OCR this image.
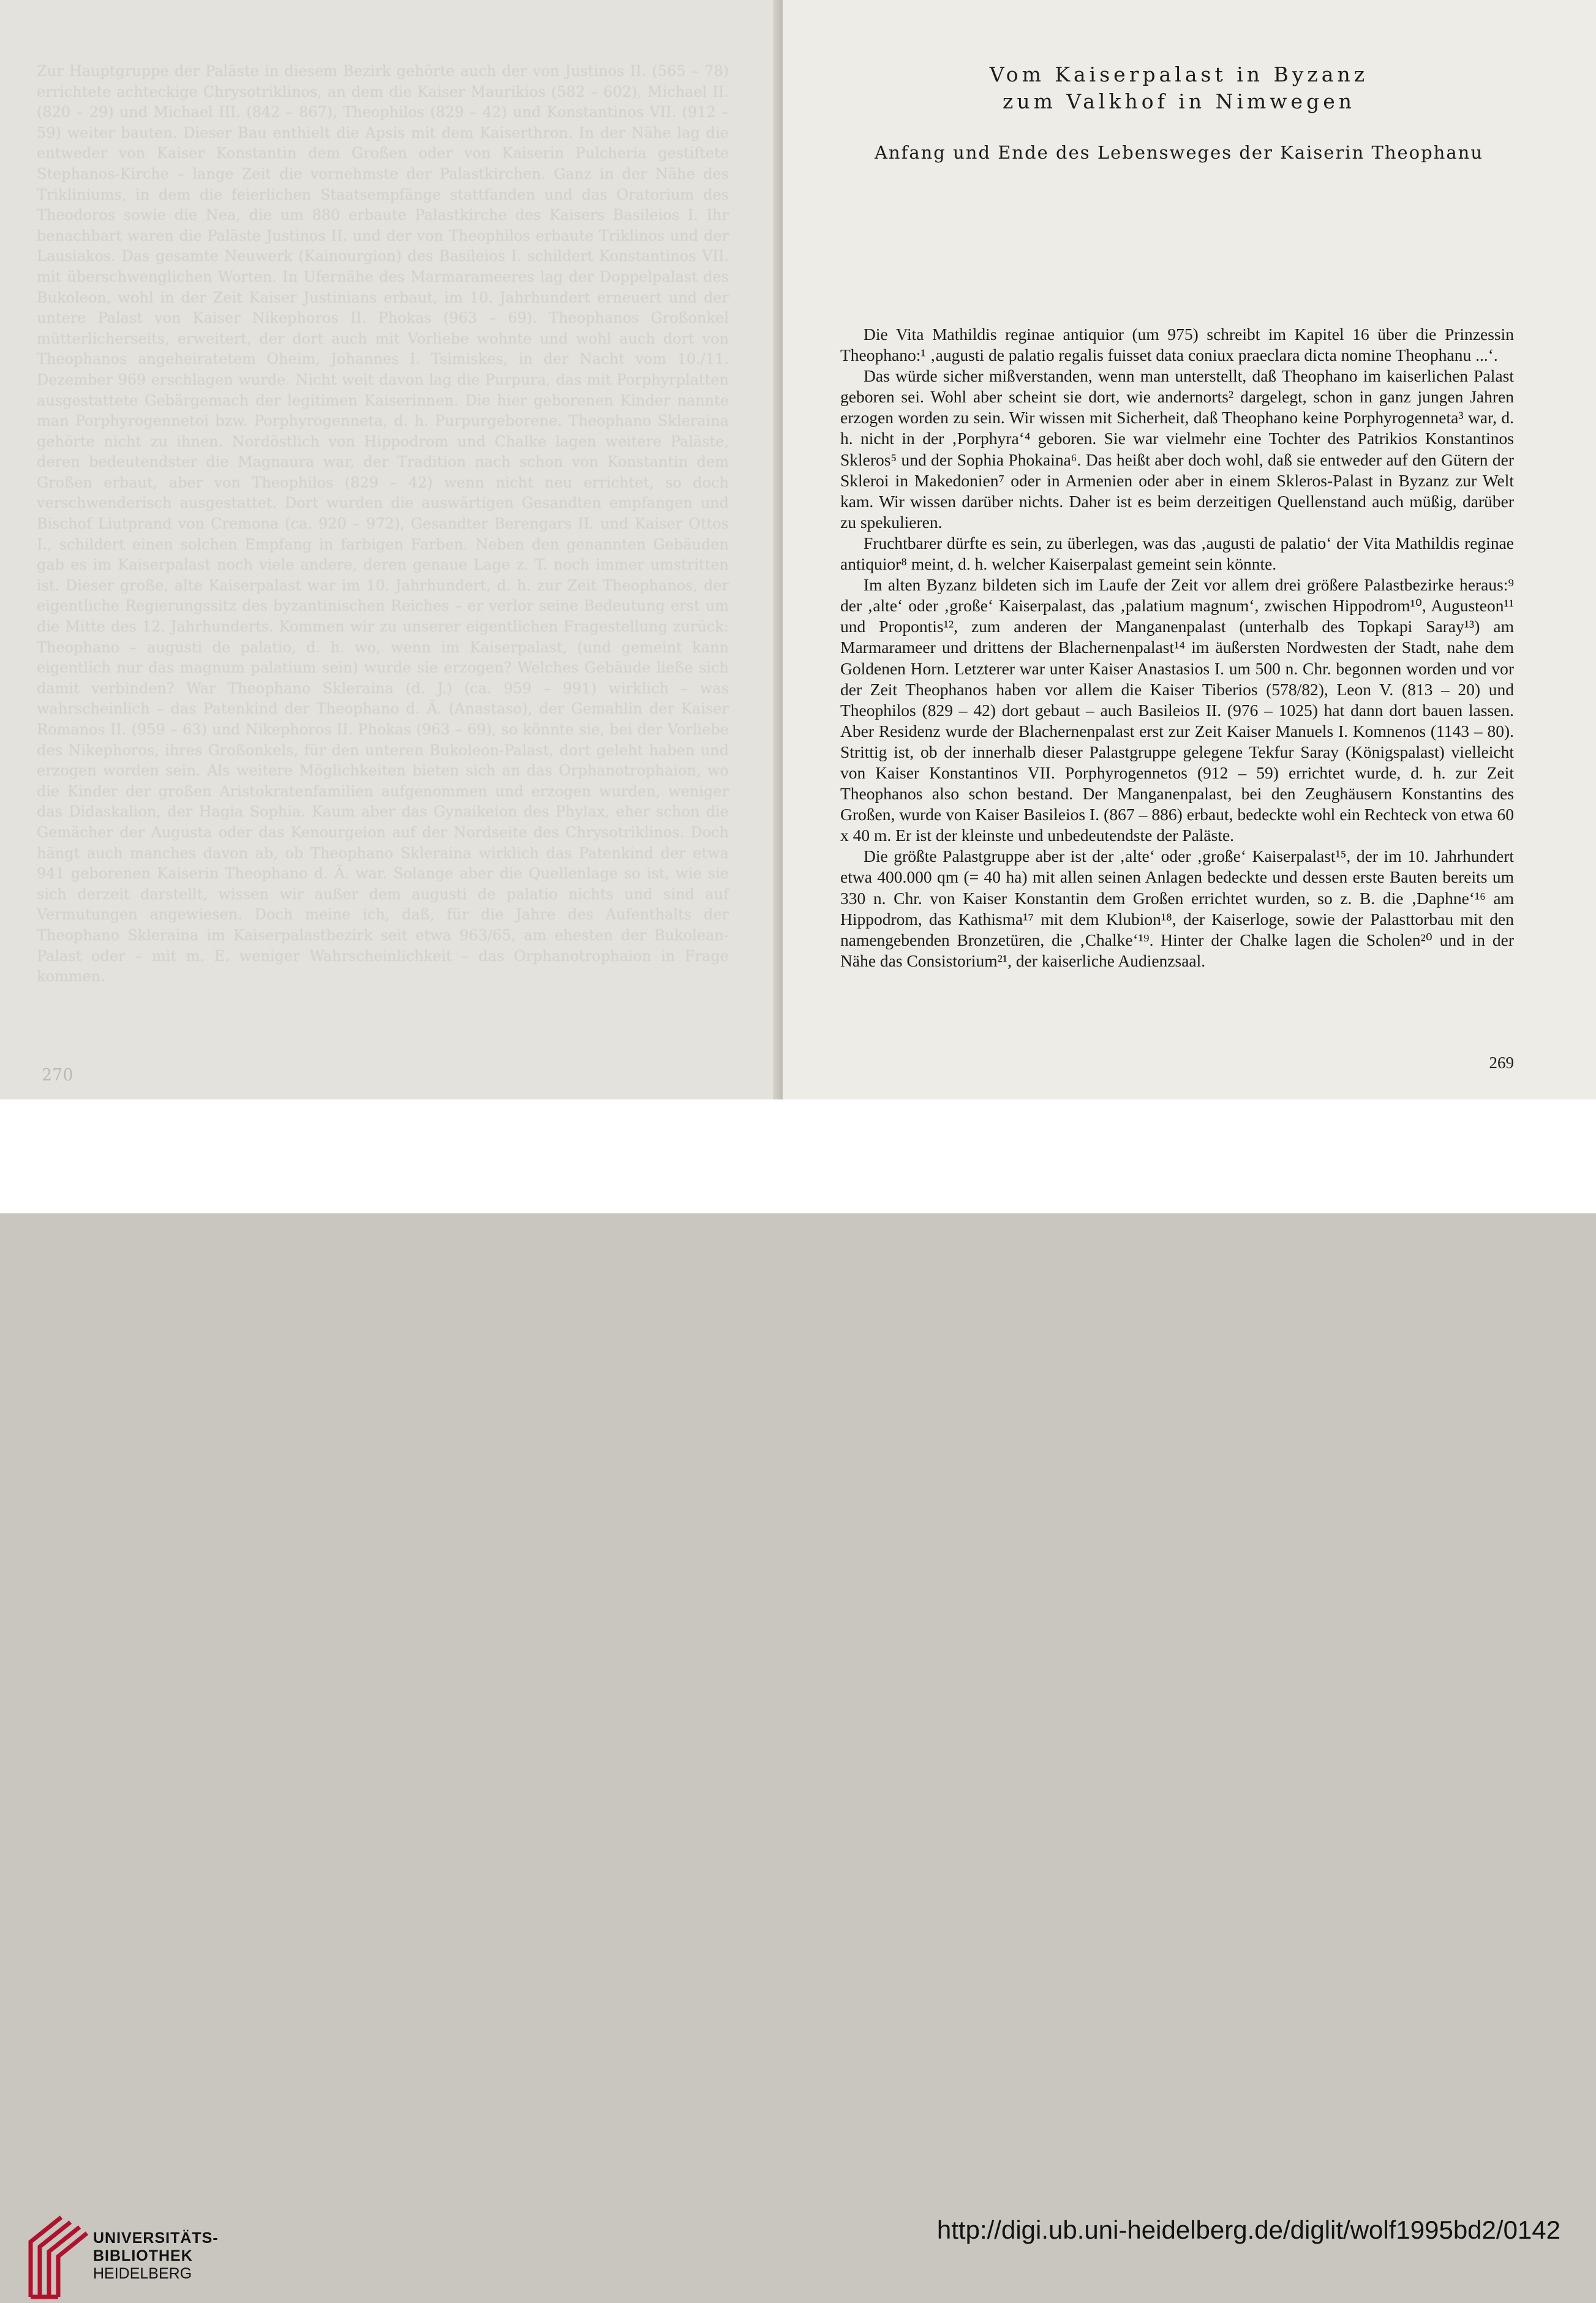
Zur Hauptgruppe der Paläste in diesem Bezirk gehörte auch der von Justinos II. (565 – 78) errichtete achteckige Chrysotriklinos, an dem die Kaiser Maurikios (582 – 602), Michael II. (820 – 29) und Michael III. (842 – 867), Theophilos (829 – 42) und Konstantinos VII. (912 – 59) weiter bauten. Dieser Bau enthielt die Apsis mit dem Kaiserthron. In der Nähe lag die entweder von Kaiser Konstantin dem Großen oder von Kaiserin Pulcheria gestiftete Stephanos-Kirche – lange Zeit die vornehmste der Palastkirchen. Ganz in der Nähe des Trikliniums, in dem die feierlichen Staatsempfänge stattfanden und das Oratorium des Theodoros sowie die Nea, die um 880 erbaute Palastkirche des Kaisers Basileios I. Ihr benachbart waren die Paläste Justinos II. und der von Theophilos erbaute Triklinos und der Lausiakos. Das gesamte Neuwerk (Kainourgion) des Basileios I. schildert Konstantinos VII. mit überschwenglichen Worten. In Ufernähe des Marmarameeres lag der Doppelpalast des Bukoleon, wohl in der Zeit Kaiser Justinians erbaut, im 10. Jahrhundert erneuert und der untere Palast von Kaiser Nikephoros II. Phokas (963 – 69). Theophanos Großonkel mütterlicherseits, erweitert, der dort auch mit Vorliebe wohnte und wohl auch dort von Theophanos angeheiratetem Oheim, Johannes I. Tsimiskes, in der Nacht vom 10./11. Dezember 969 erschlagen wurde. Nicht weit davon lag die Purpura, das mit Porphyrplatten ausgestattete Gebärgemach der legitimen Kaiserinnen. Die hier geborenen Kinder nannte man Porphyrogennetoi bzw. Porphyrogenneta, d. h. Purpurgeborene. Theophano Skleraina gehörte nicht zu ihnen. Nordöstlich von Hippodrom und Chalke lagen weitere Paläste, deren bedeutendster die Magnaura war, der Tradition nach schon von Konstantin dem Großen erbaut, aber von Theophilos (829 – 42) wenn nicht neu errichtet, so doch verschwenderisch ausgestattet. Dort wurden die auswärtigen Gesandten empfangen und Bischof Liutprand von Cremona (ca. 920 – 972), Gesandter Berengars II. und Kaiser Ottos I., schildert einen solchen Empfang in farbigen Farben. Neben den genannten Gebäuden gab es im Kaiserpalast noch viele andere, deren genaue Lage z. T. noch immer umstritten ist. Dieser große, alte Kaiserpalast war im 10. Jahrhundert, d. h. zur Zeit Theophanos, der eigentliche Regierungssitz des byzantinischen Reiches – er verlor seine Bedeutung erst um die Mitte des 12. Jahrhunderts. Kommen wir zu unserer eigentlichen Fragestellung zurück: Theophano – augusti de palatio, d. h. wo, wenn im Kaiserpalast, (und gemeint kann eigentlich nur das magnum palatium sein) wurde sie erzogen? Welches Gebäude ließe sich damit verbinden? War Theophano Skleraina (d. J.) (ca. 959 – 991) wirklich – was wahrscheinlich – das Patenkind der Theophano d. Ä. (Anastaso), der Gemahlin der Kaiser Romanos II. (959 – 63) und Nikephoros II. Phokas (963 – 69), so könnte sie, bei der Vorliebe des Nikephoros, ihres Großonkels, für den unteren Bukoleon-Palast, dort geleht haben und erzogen worden sein. Als weitere Möglichkeiten bieten sich an das Orphanotrophaion, wo die Kinder der großen Aristokratenfamilien aufgenommen und erzogen wurden, weniger das Didaskalion, der Hagia Sophia. Kaum aber das Gynaikeion des Phylax, eher schon die Gemächer der Augusta oder das Kenourgeion auf der Nordseite des Chrysotriklinos. Doch hängt auch manches davon ab, ob Theophano Skleraina wirklich das Patenkind der etwa 941 geborenen Kaiserin Theophano d. Ä. war. Solange aber die Quellenlage so ist, wie sie sich derzeit darstellt, wissen wir außer dem augusti de palatio nichts und sind auf Vermutungen angewiesen. Doch meine ich, daß, für die Jahre des Aufenthalts der Theophano Skleraina im Kaiserpalastbezirk seit etwa 963/65, am ehesten der Bukolean-Palast oder – mit m. E. weniger Wahrscheinlichkeit – das Orphanotrophaion in Frage kommen.
270
Vom Kaiserpalast in Byzanz
zum Valkhof in Nimwegen
Anfang und Ende des Lebensweges der Kaiserin Theophanu

Die Vita Mathildis reginae antiquior (um 975) schreibt im Kapitel 16 über die Prinzessin Theophano:¹ ‚augusti de palatio regalis fuisset data coniux praeclara dicta nomine Theophanu ...‘.

Das würde sicher mißverstanden, wenn man unterstellt, daß Theophano im kaiserlichen Palast geboren sei. Wohl aber scheint sie dort, wie andernorts² dargelegt, schon in ganz jungen Jahren erzogen worden zu sein. Wir wissen mit Sicherheit, daß Theophano keine Porphyrogenneta³ war, d. h. nicht in der ‚Porphyra‘⁴ geboren. Sie war vielmehr eine Tochter des Patrikios Konstantinos Skleros⁵ und der Sophia Phokaina⁶. Das heißt aber doch wohl, daß sie entweder auf den Gütern der Skleroi in Makedonien⁷ oder in Armenien oder aber in einem Skleros-Palast in Byzanz zur Welt kam. Wir wissen darüber nichts. Daher ist es beim derzeitigen Quellenstand auch müßig, darüber zu spekulieren.

Fruchtbarer dürfte es sein, zu überlegen, was das ‚augusti de palatio‘ der Vita Mathildis reginae antiquior⁸ meint, d. h. welcher Kaiserpalast gemeint sein könnte.

Im alten Byzanz bildeten sich im Laufe der Zeit vor allem drei größere Palastbezirke heraus:⁹ der ‚alte‘ oder ‚große‘ Kaiserpalast, das ‚palatium magnum‘, zwischen Hippodrom¹⁰, Augusteon¹¹ und Propontis¹², zum anderen der Manganenpalast (unterhalb des Topkapi Saray¹³) am Marmarameer und drittens der Blachernenpalast¹⁴ im äußersten Nordwesten der Stadt, nahe dem Goldenen Horn. Letzterer war unter Kaiser Anastasios I. um 500 n. Chr. begonnen worden und vor der Zeit Theophanos haben vor allem die Kaiser Tiberios (578/82), Leon V. (813 – 20) und Theophilos (829 – 42) dort gebaut – auch Basileios II. (976 – 1025) hat dann dort bauen lassen. Aber Residenz wurde der Blachernenpalast erst zur Zeit Kaiser Manuels I. Komnenos (1143 – 80). Strittig ist, ob der innerhalb dieser Palastgruppe gelegene Tekfur Saray (Königspalast) vielleicht von Kaiser Konstantinos VII. Porphyrogennetos (912 – 59) errichtet wurde, d. h. zur Zeit Theophanos also schon bestand. Der Manganenpalast, bei den Zeughäusern Konstantins des Großen, wurde von Kaiser Basileios I. (867 – 886) erbaut, bedeckte wohl ein Rechteck von etwa 60 x 40 m. Er ist der kleinste und unbedeutendste der Paläste.

Die größte Palastgruppe aber ist der ‚alte‘ oder ‚große‘ Kaiserpalast¹⁵, der im 10. Jahrhundert etwa 400.000 qm (= 40 ha) mit allen seinen Anlagen bedeckte und dessen erste Bauten bereits um 330 n. Chr. von Kaiser Konstantin dem Großen errichtet wurden, so z. B. die ‚Daphne‘¹⁶ am Hippodrom, das Kathisma¹⁷ mit dem Klubion¹⁸, der Kaiserloge, sowie der Palasttorbau mit den namengebenden Bronzetüren, die ‚Chalke‘¹⁹. Hinter der Chalke lagen die Scholen²⁰ und in der Nähe das Consistorium²¹, der kaiserliche Audienzsaal.

269
UNIVERSITÄTS-
BIBLIOTHEK
HEIDELBERG
http://digi.ub.uni-heidelberg.de/diglit/wolf1995bd2/0142
